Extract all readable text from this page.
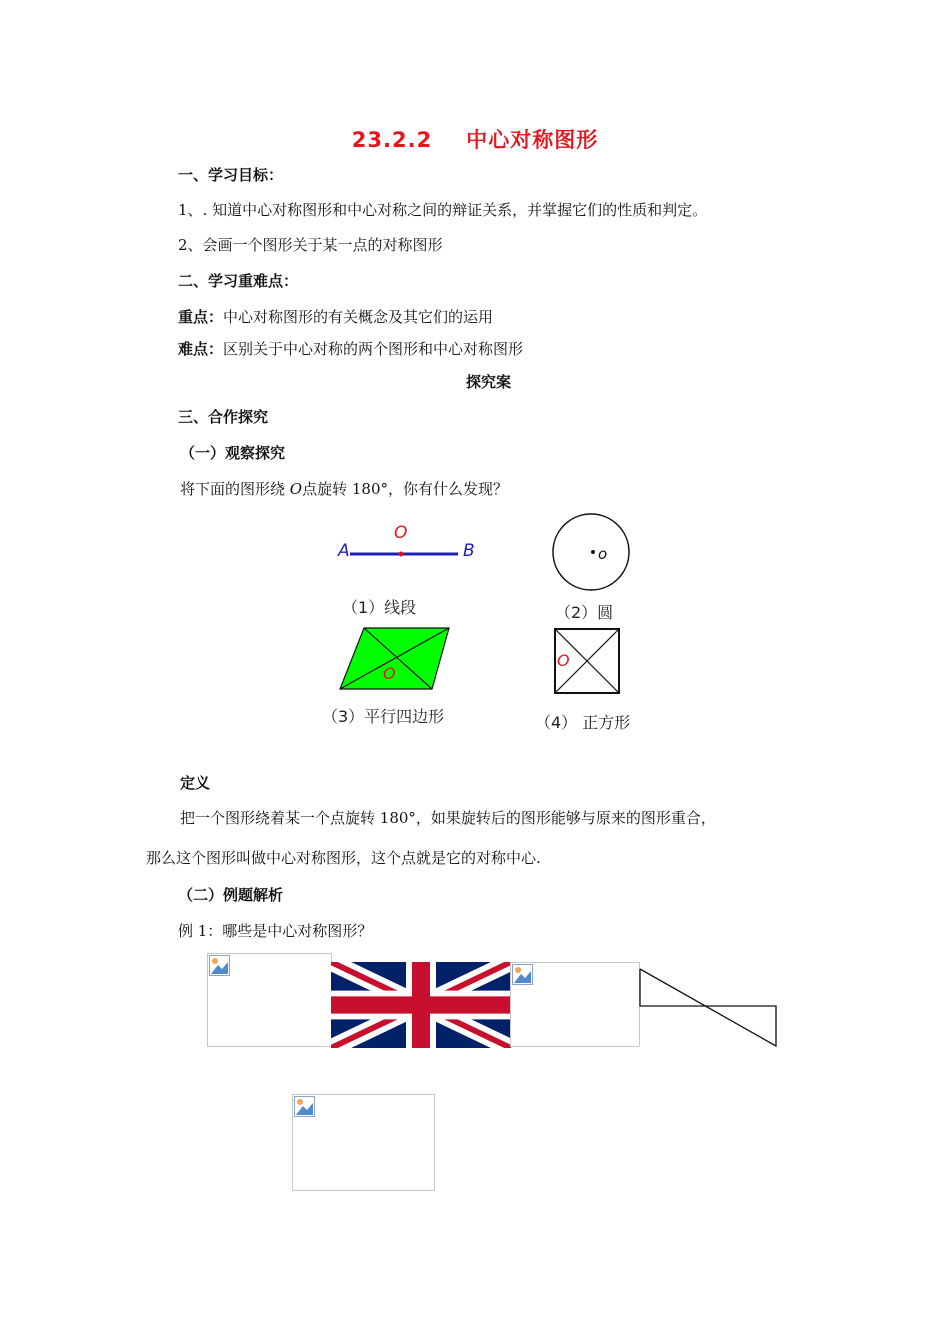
23.2.2 中心对称图形
一、学习目标：
1、. 知道中心对称图形和中心对称之间的辩证关系，并掌握它们的性质和判定。
2、会画一个图形关于某一点的对称图形
二、学习重难点：
重点：中心对称图形的有关概念及其它们的运用
难点：区别关于中心对称的两个图形和中心对称图形
探究案
三、合作探究
（一）观察探究
将下面的图形绕 O点旋转 180°，你有什么发现？
A	B
O
（1）线段
o
（2）圆
O
（3）平行四边形
O
（4） 正方形
定义
把一个图形绕着某一个点旋转 180°，如果旋转后的图形能够与原来的图形重合，
那么这个图形叫做中心对称图形，这个点就是它的对称中心.
（二）例题解析
例 1：哪些是中心对称图形？
